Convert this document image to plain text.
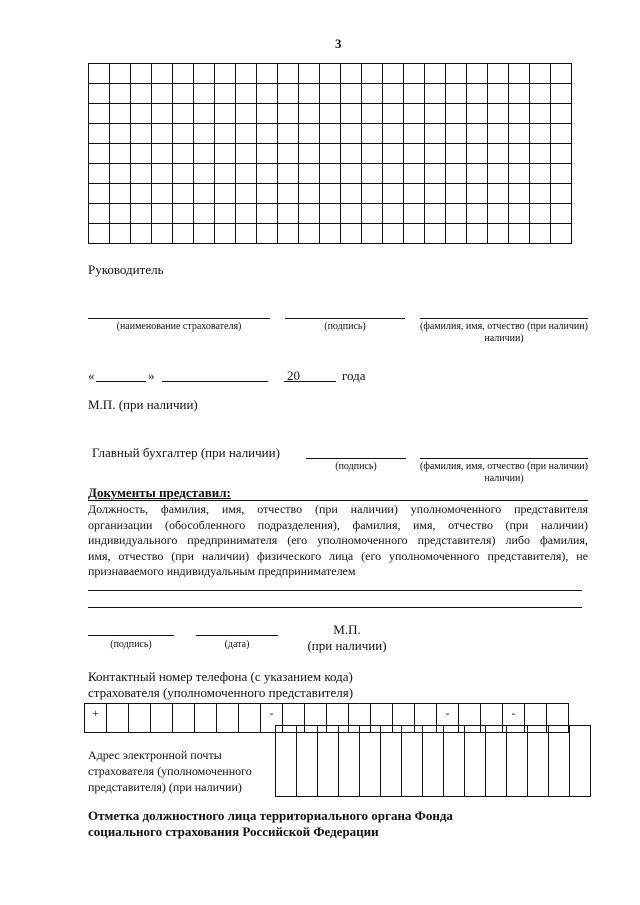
3

Руководитель
(наименование страхователя)	(подпись)	(фамилия, имя, отчество (при наличии)
наличии)
«	»	20	года
М.П. (при наличии)
Главный бухгалтер (при наличии)
(подпись)	(фамилия, имя, отчество (при наличии)
наличии)
Документы представил:
Должность, фамилия, имя, отчество (при наличии) уполномоченного представителя
организации (обособленного подразделения), фамилия, имя, отчество (при наличии)
индивидуального предпринимателя (его уполномоченного представителя) либо фамилия,
имя, отчество (при наличии) физического лица (его уполномоченного представителя), не
признаваемого индивидуальным предпринимателем
(подпись)	(дата)
М.П.
(при наличии)
Контактный номер телефона (с указанием кода)
страхователя (уполномоченного представителя)
+								-								-			-

Адрес электронной почты
страхователя (уполномоченного
представителя) (при наличии)

Отметка должностного лица территориального органа Фонда
социального страхования Российской Федерации
